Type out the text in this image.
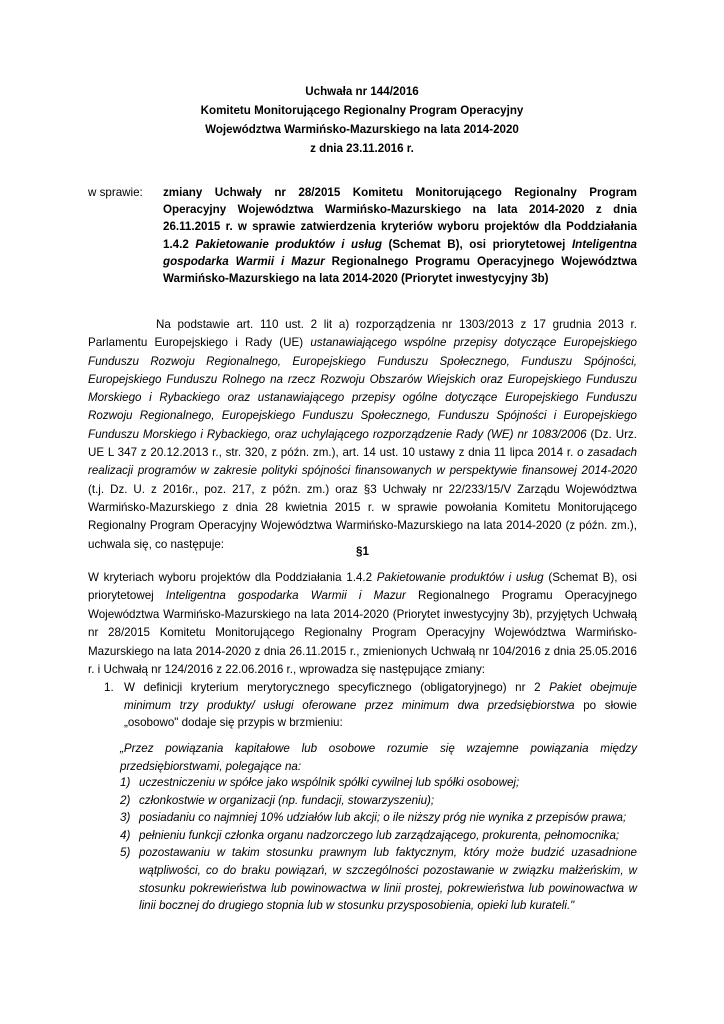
Uchwała nr 144/2016
Komitetu Monitorującego Regionalny Program Operacyjny
Województwa Warmińsko-Mazurskiego na lata 2014-2020
z dnia 23.11.2016 r.
w sprawie:	zmiany Uchwały nr 28/2015 Komitetu Monitorującego Regionalny Program Operacyjny Województwa Warmińsko-Mazurskiego na lata 2014-2020 z dnia 26.11.2015 r. w sprawie zatwierdzenia kryteriów wyboru projektów dla Poddziałania 1.4.2 Pakietowanie produktów i usług (Schemat B), osi priorytetowej Inteligentna gospodarka Warmii i Mazur Regionalnego Programu Operacyjnego Województwa Warmińsko-Mazurskiego na lata 2014-2020 (Priorytet inwestycyjny 3b)
Na podstawie art. 110 ust. 2 lit a) rozporządzenia nr 1303/2013 z 17 grudnia 2013 r. Parlamentu Europejskiego i Rady (UE) ustanawiającego wspólne przepisy dotyczące Europejskiego Funduszu Rozwoju Regionalnego, Europejskiego Funduszu Społecznego, Funduszu Spójności, Europejskiego Funduszu Rolnego na rzecz Rozwoju Obszarów Wiejskich oraz Europejskiego Funduszu Morskiego i Rybackiego oraz ustanawiającego przepisy ogólne dotyczące Europejskiego Funduszu Rozwoju Regionalnego, Europejskiego Funduszu Społecznego, Funduszu Spójności i Europejskiego Funduszu Morskiego i Rybackiego, oraz uchylającego rozporządzenie Rady (WE) nr 1083/2006 (Dz. Urz. UE L 347 z 20.12.2013 r., str. 320, z późn. zm.), art. 14 ust. 10 ustawy z dnia 11 lipca 2014 r. o zasadach realizacji programów w zakresie polityki spójności finansowanych w perspektywie finansowej 2014-2020 (t.j. Dz. U. z 2016r., poz. 217, z późn. zm.) oraz §3 Uchwały nr 22/233/15/V Zarządu Województwa Warmińsko-Mazurskiego z dnia 28 kwietnia 2015 r. w sprawie powołania Komitetu Monitorującego Regionalny Program Operacyjny Województwa Warmińsko-Mazurskiego na lata 2014-2020 (z późn. zm.), uchwala się, co następuje:
§1
W kryteriach wyboru projektów dla Poddziałania 1.4.2 Pakietowanie produktów i usług (Schemat B), osi priorytetowej Inteligentna gospodarka Warmii i Mazur Regionalnego Programu Operacyjnego Województwa Warmińsko-Mazurskiego na lata 2014-2020 (Priorytet inwestycyjny 3b), przyjętych Uchwałą nr 28/2015 Komitetu Monitorującego Regionalny Program Operacyjny Województwa Warmińsko-Mazurskiego na lata 2014-2020 z dnia 26.11.2015 r., zmienionych Uchwałą nr 104/2016 z dnia 25.05.2016 r. i Uchwałą nr 124/2016 z 22.06.2016 r., wprowadza się następujące zmiany:
1. W definicji kryterium merytorycznego specyficznego (obligatoryjnego) nr 2 Pakiet obejmuje minimum trzy produkty/ usługi oferowane przez minimum dwa przedsiębiorstwa po słowie „osobowo" dodaje się przypis w brzmieniu:
„Przez powiązania kapitałowe lub osobowe rozumie się wzajemne powiązania między przedsiębiorstwami, polegające na:
1) uczestniczeniu w spółce jako wspólnik spółki cywilnej lub spółki osobowej;
2) członkostwie w organizacji (np. fundacji, stowarzyszeniu);
3) posiadaniu co najmniej 10% udziałów lub akcji; o ile niższy próg nie wynika z przepisów prawa;
4) pełnieniu funkcji członka organu nadzorczego lub zarządzającego, prokurenta, pełnomocnika;
5) pozostawaniu w takim stosunku prawnym lub faktycznym, który może budzić uzasadnione wątpliwości, co do braku powiązań, w szczególności pozostawanie w związku małżeńskim, w stosunku pokrewieństwa lub powinowactwa w linii prostej, pokrewieństwa lub powinowactwa w linii bocznej do drugiego stopnia lub w stosunku przysposobienia, opieki lub kurateli."
